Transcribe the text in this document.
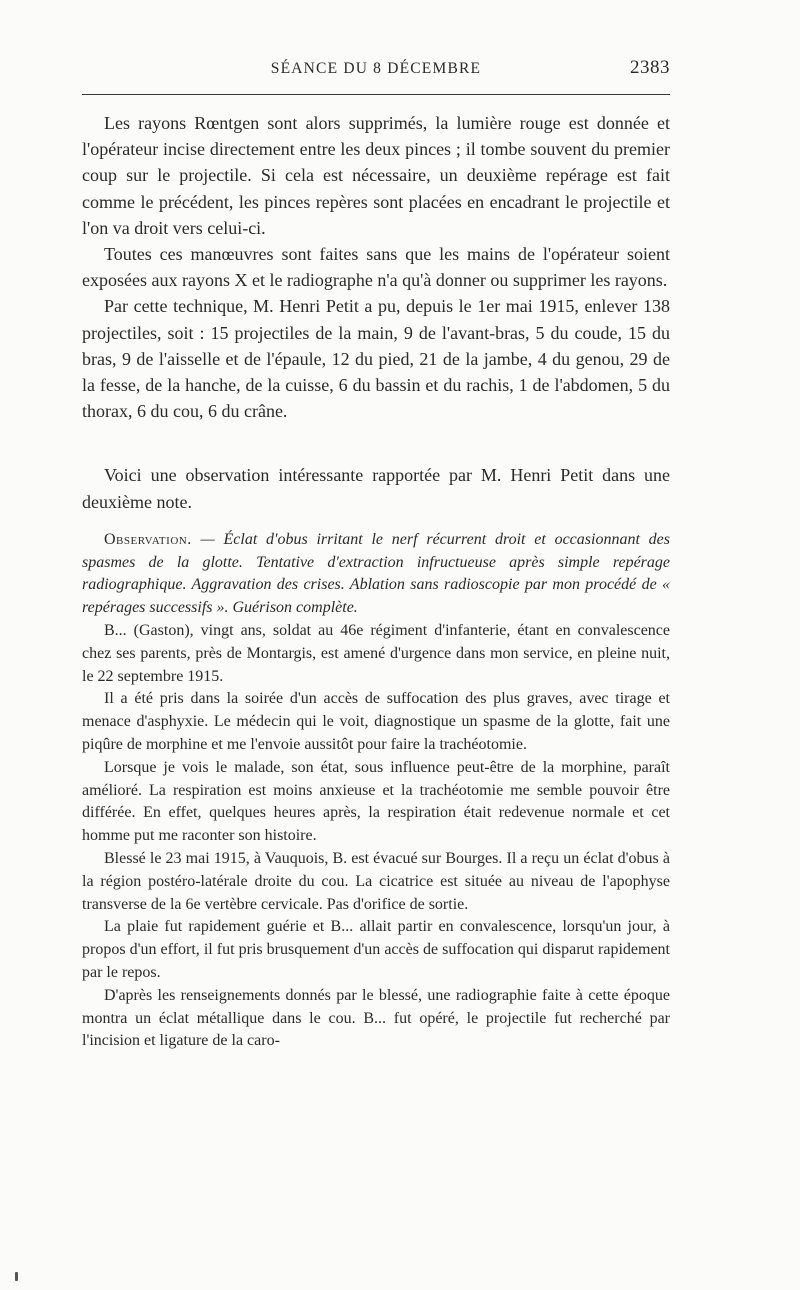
SÉANCE DU 8 DÉCEMBRE	2383

Les rayons Rœntgen sont alors supprimés, la lumière rouge est donnée et l'opérateur incise directement entre les deux pinces ; il tombe souvent du premier coup sur le projectile. Si cela est nécessaire, un deuxième repérage est fait comme le précédent, les pinces repères sont placées en encadrant le projectile et l'on va droit vers celui-ci.

Toutes ces manœuvres sont faites sans que les mains de l'opérateur soient exposées aux rayons X et le radiographe n'a qu'à donner ou supprimer les rayons.

Par cette technique, M. Henri Petit a pu, depuis le 1er mai 1915, enlever 138 projectiles, soit : 15 projectiles de la main, 9 de l'avant-bras, 5 du coude, 15 du bras, 9 de l'aisselle et de l'épaule, 12 du pied, 21 de la jambe, 4 du genou, 29 de la fesse, de la hanche, de la cuisse, 6 du bassin et du rachis, 1 de l'abdomen, 5 du thorax, 6 du cou, 6 du crâne.

Voici une observation intéressante rapportée par M. Henri Petit dans une deuxième note.

Observation. — Éclat d'obus irritant le nerf récurrent droit et occasionnant des spasmes de la glotte. Tentative d'extraction infructueuse après simple repérage radiographique. Aggravation des crises. Ablation sans radioscopie par mon procédé de « repérages successifs ». Guérison complète.

B... (Gaston), vingt ans, soldat au 46e régiment d'infanterie, étant en convalescence chez ses parents, près de Montargis, est amené d'urgence dans mon service, en pleine nuit, le 22 septembre 1915.

Il a été pris dans la soirée d'un accès de suffocation des plus graves, avec tirage et menace d'asphyxie. Le médecin qui le voit, diagnostique un spasme de la glotte, fait une piqûre de morphine et me l'envoie aussitôt pour faire la trachéotomie.

Lorsque je vois le malade, son état, sous influence peut-être de la morphine, paraît amélioré. La respiration est moins anxieuse et la trachéotomie me semble pouvoir être différée. En effet, quelques heures après, la respiration était redevenue normale et cet homme put me raconter son histoire.

Blessé le 23 mai 1915, à Vauquois, B. est évacué sur Bourges. Il a reçu un éclat d'obus à la région postéro-latérale droite du cou. La cicatrice est située au niveau de l'apophyse transverse de la 6e vertèbre cervicale. Pas d'orifice de sortie.

La plaie fut rapidement guérie et B... allait partir en convalescence, lorsqu'un jour, à propos d'un effort, il fut pris brusquement d'un accès de suffocation qui disparut rapidement par le repos.

D'après les renseignements donnés par le blessé, une radiographie faite à cette époque montra un éclat métallique dans le cou. B... fut opéré, le projectile fut recherché par l'incision et ligature de la caro-
